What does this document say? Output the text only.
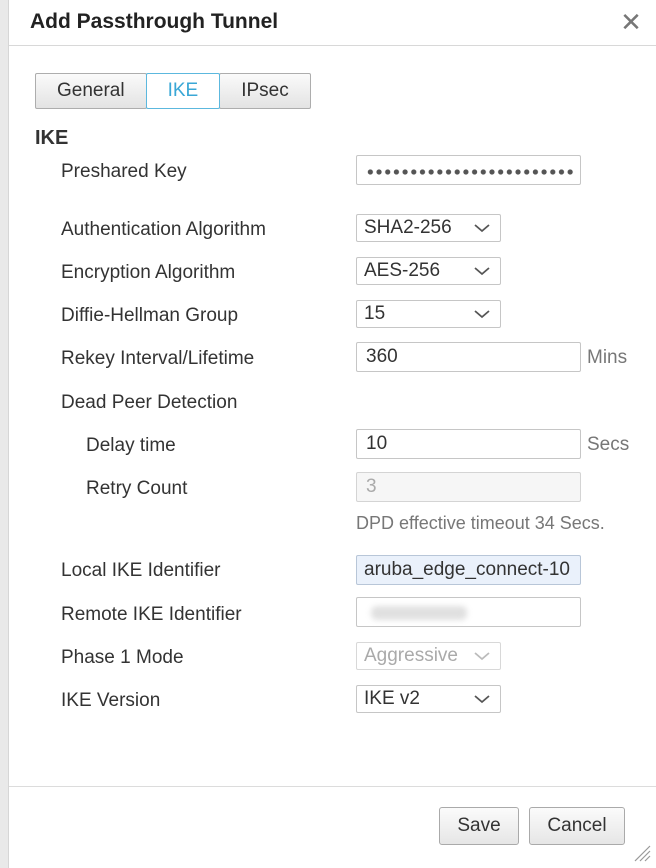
Add Passthrough Tunnel	✕
General	IKE	IPsec
IKE
Preshared Key
Authentication Algorithm	SHA2-256
Encryption Algorithm	AES-256
Diffie-Hellman Group	15
Rekey Interval/Lifetime	360	Mins
Dead Peer Detection
Delay time	10	Secs
Retry Count	3
DPD effective timeout 34 Secs.
Local IKE Identifier	aruba_edge_connect-10
Remote IKE Identifier
Phase 1 Mode	Aggressive
IKE Version	IKE v2
Save	Cancel
